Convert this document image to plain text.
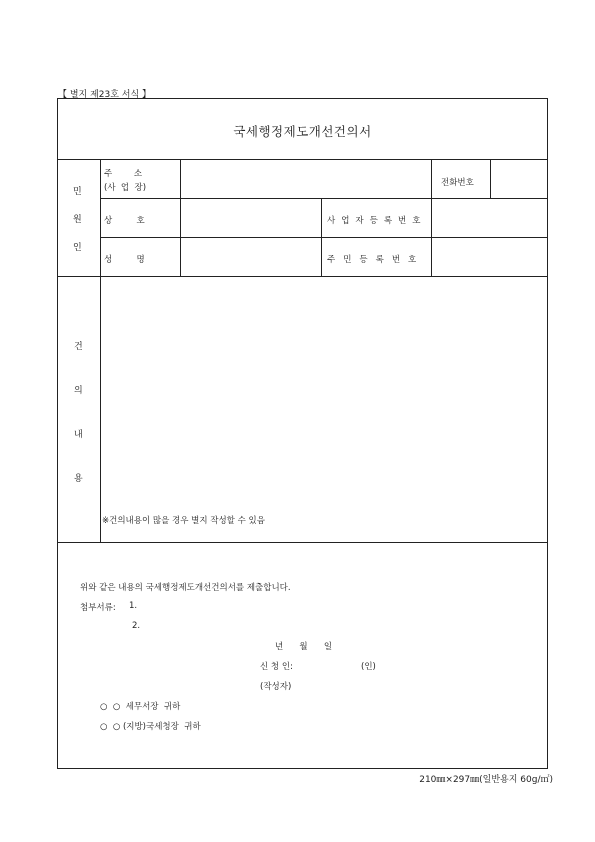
【 별지 제23호 서식 】
국세행정제도개선건의서
민
원
인
주        소
(사  업  장)	전화번호
상         호	사업자등록번호
성         명	주민등록번호
건
의
내
용
※건의내용이 많을 경우 별지 작성할 수 있음
위와 같은 내용의 국세행정제도개선건의서를 제출합니다.
첨부서류: 1.
2.
년      월      일
신 청 인:	(인)
(작성자)
○  ○  세무서장  귀하
○  ○ (지방)국세청장  귀하
210㎜×297㎜(일반용지 60g/㎡)
